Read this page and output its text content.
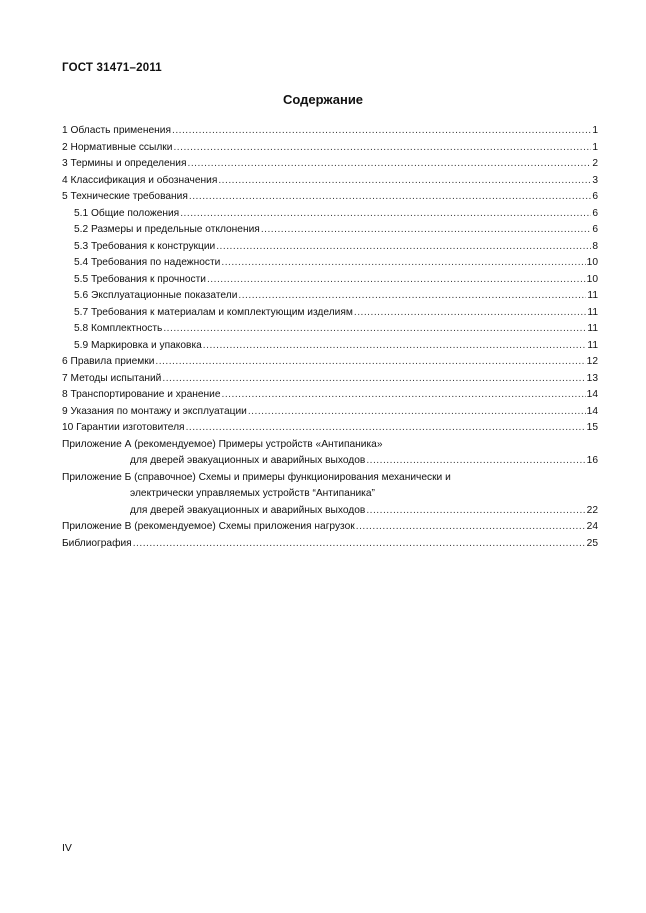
ГОСТ 31471–2011
Содержание
1 Область применения .....	1
2 Нормативные ссылки .....	1
3 Термины и определения .....	2
4 Классификация и обозначения .....	3
5 Технические требования .....	6
5.1 Общие положения .....	6
5.2 Размеры и предельные отклонения .....	6
5.3 Требования к конструкции .....	8
5.4 Требования по надежности .....	10
5.5 Требования к прочности .....	10
5.6 Эксплуатационные показатели .....	11
5.7 Требования к материалам и комплектующим изделиям .....	11
5.8 Комплектность .....	11
5.9 Маркировка и упаковка .....	11
6 Правила приемки .....	12
7 Методы испытаний .....	13
8 Транспортирование и хранение .....	14
9 Указания по монтажу и эксплуатации .....	14
10 Гарантии изготовителя .....	15
Приложение А (рекомендуемое) Примеры устройств «Антипаника»
для дверей эвакуационных и аварийных выходов .....	16
Приложение Б (справочное) Схемы и примеры функционирования механически и
электрически управляемых устройств “Антипаника”
для дверей эвакуационных и аварийных выходов .....	22
Приложение В (рекомендуемое) Схемы приложения нагрузок .....	24
Библиография .....	25
IV
